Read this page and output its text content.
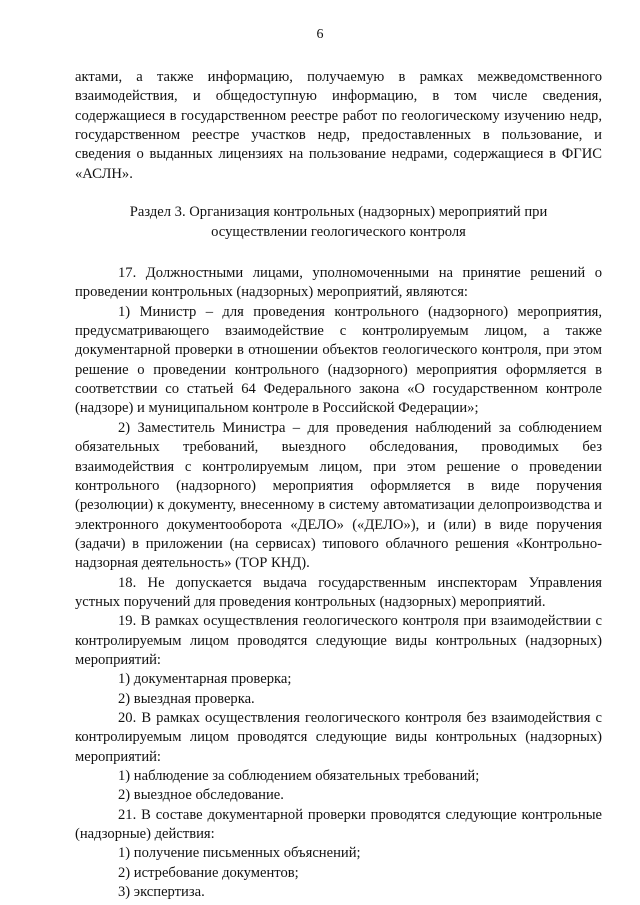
6

актами, а также информацию, получаемую в рамках межведомственного взаимодействия, и общедоступную информацию, в том числе сведения, содержащиеся в государственном реестре работ по геологическому изучению недр, государственном реестре участков недр, предоставленных в пользование, и сведения о выданных лицензиях на пользование недрами, содержащиеся в ФГИС «АСЛН».

Раздел 3. Организация контрольных (надзорных) мероприятий при
осуществлении геологического контроля

17. Должностными лицами, уполномоченными на принятие решений о проведении контрольных (надзорных) мероприятий, являются:

1) Министр – для проведения контрольного (надзорного) мероприятия, предусматривающего взаимодействие с контролируемым лицом, а также документарной проверки в отношении объектов геологического контроля, при этом решение о проведении контрольного (надзорного) мероприятия оформляется в соответствии со статьей 64 Федерального закона «О государственном контроле (надзоре) и муниципальном контроле в Российской Федерации»;

2) Заместитель Министра – для проведения наблюдений за соблюдением обязательных требований, выездного обследования, проводимых без взаимодействия с контролируемым лицом, при этом решение о проведении контрольного (надзорного) мероприятия оформляется в виде поручения (резолюции) к документу, внесенному в систему автоматизации делопроизводства и электронного документооборота «ДЕЛО» («ДЕЛО»), и (или) в виде поручения (задачи) в приложении (на сервисах) типового облачного решения «Контрольно-надзорная деятельность» (ТОР КНД).

18. Не допускается выдача государственным инспекторам Управления устных поручений для проведения контрольных (надзорных) мероприятий.

19. В рамках осуществления геологического контроля при взаимодействии с контролируемым лицом проводятся следующие виды контрольных (надзорных) мероприятий:

1) документарная проверка;

2) выездная проверка.

20. В рамках осуществления геологического контроля без взаимодействия с контролируемым лицом проводятся следующие виды контрольных (надзорных) мероприятий:

1) наблюдение за соблюдением обязательных требований;

2) выездное обследование.

21. В составе документарной проверки проводятся следующие контрольные (надзорные) действия:

1) получение письменных объяснений;

2) истребование документов;

3) экспертиза.
